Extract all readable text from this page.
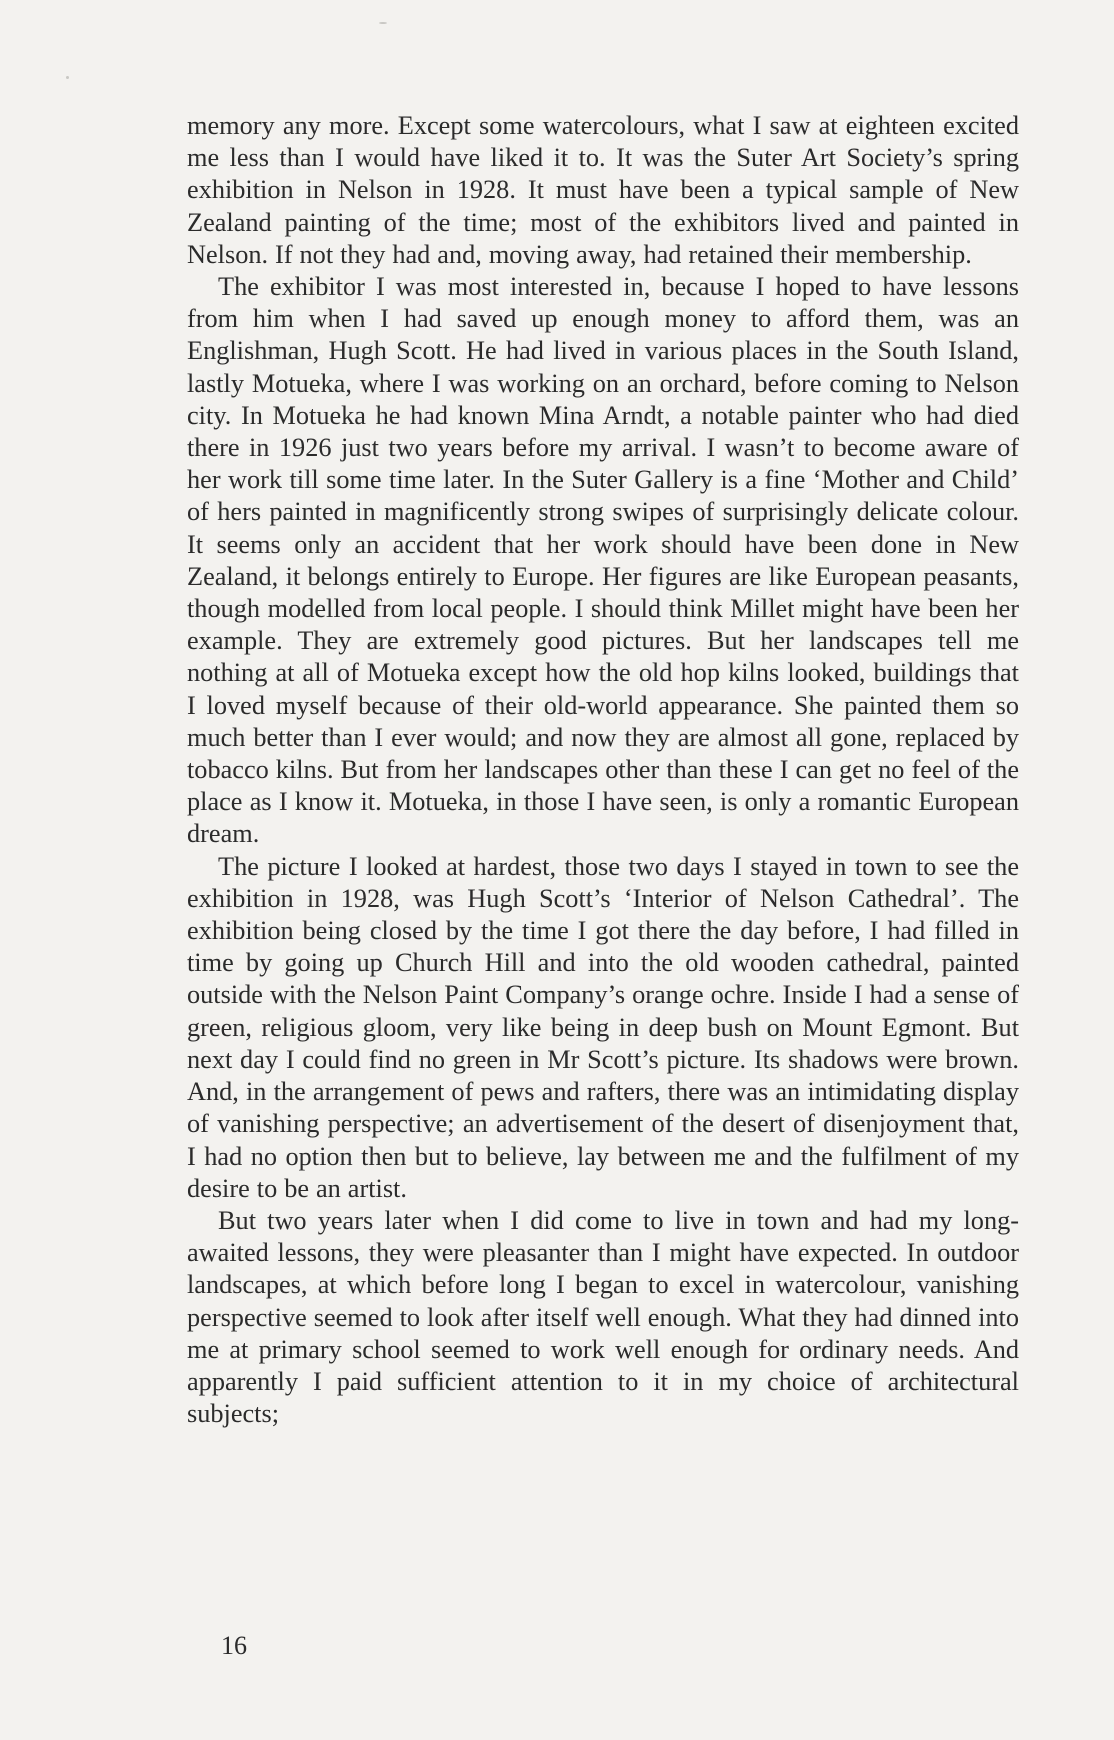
memory any more. Except some watercolours, what I saw at eighteen excited me less than I would have liked it to. It was the Suter Art Society’s spring exhibition in Nelson in 1928. It must have been a typical sample of New Zealand painting of the time; most of the exhibitors lived and painted in Nelson. If not they had and, moving away, had retained their membership.

The exhibitor I was most interested in, because I hoped to have lessons from him when I had saved up enough money to afford them, was an Englishman, Hugh Scott. He had lived in various places in the South Island, lastly Motueka, where I was working on an orchard, before coming to Nelson city. In Motueka he had known Mina Arndt, a notable painter who had died there in 1926 just two years before my arrival. I wasn’t to become aware of her work till some time later. In the Suter Gallery is a fine ‘Mother and Child’ of hers painted in magnificently strong swipes of surprisingly delicate colour. It seems only an accident that her work should have been done in New Zealand, it belongs entirely to Europe. Her figures are like European peasants, though modelled from local people. I should think Millet might have been her example. They are extremely good pictures. But her landscapes tell me nothing at all of Motueka except how the old hop kilns looked, buildings that I loved myself because of their old-world appearance. She painted them so much better than I ever would; and now they are almost all gone, replaced by tobacco kilns. But from her landscapes other than these I can get no feel of the place as I know it. Motueka, in those I have seen, is only a romantic European dream.

The picture I looked at hardest, those two days I stayed in town to see the exhibition in 1928, was Hugh Scott’s ‘Interior of Nelson Cathedral’. The exhibition being closed by the time I got there the day before, I had filled in time by going up Church Hill and into the old wooden cathedral, painted outside with the Nelson Paint Company’s orange ochre. Inside I had a sense of green, religious gloom, very like being in deep bush on Mount Egmont. But next day I could find no green in Mr Scott’s picture. Its shadows were brown. And, in the arrangement of pews and rafters, there was an intimidating display of vanishing perspective; an advertisement of the desert of disenjoyment that, I had no option then but to believe, lay between me and the fulfilment of my desire to be an artist.

But two years later when I did come to live in town and had my long-awaited lessons, they were pleasanter than I might have expected. In outdoor landscapes, at which before long I began to excel in watercolour, vanishing perspective seemed to look after itself well enough. What they had dinned into me at primary school seemed to work well enough for ordinary needs. And apparently I paid sufficient attention to it in my choice of architectural subjects;

16
